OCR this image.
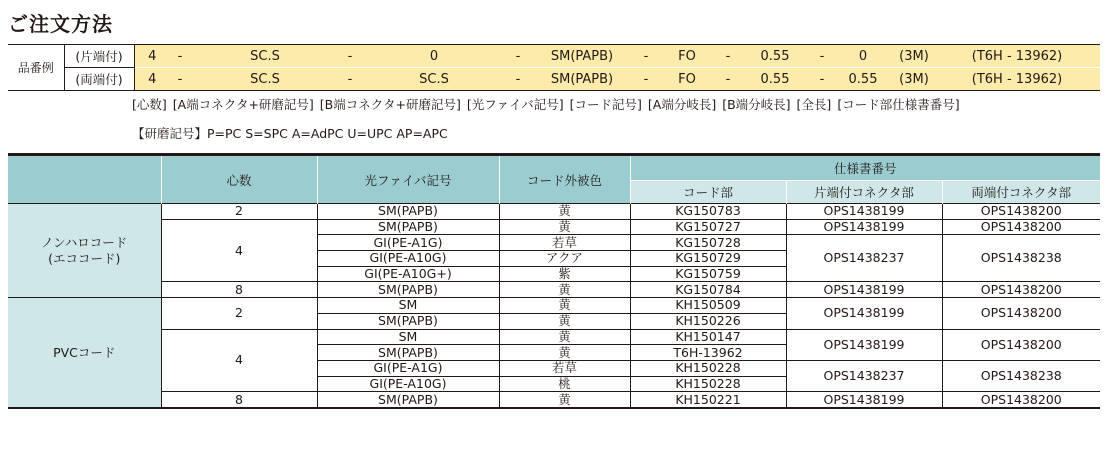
ご注文方法
品番例	(片端付)	4	-	SC.S	-	0	-	SM(PAPB)	-	FO	-	0.55	-	0	(3M)	(T6H - 13962)
	(両端付)	4	-	SC.S	-	SC.S	-	SM(PAPB)	-	FO	-	0.55	-	0.55	(3M)	(T6H - 13962)
[心数] [A端コネクタ+研磨記号] [B端コネクタ+研磨記号] [光ファイバ記号] [コード記号] [A端分岐長] [B端分岐長] [全長] [コード部仕様書番号]
【研磨記号】P=PC S=SPC A=AdPC U=UPC AP=APC
	心数	光ファイバ記号	コード外被色	仕様書番号		
				コード部	片端付コネクタ部	両端付コネクタ部
ノンハロコード
(エココード)	2	SM(PAPB)	黄	KG150783	OPS1438199	OPS1438200
	4	SM(PAPB)	黄	KG150727	OPS1438199	OPS1438200
		GI(PE-A1G)	若草	KG150728	OPS1438237	OPS1438238
		GI(PE-A10G)	アクア	KG150729		
		GI(PE-A10G+)	紫	KG150759		
	8	SM(PAPB)	黄	KG150784	OPS1438199	OPS1438200
PVCコード	2	SM	黄	KH150509	OPS1438199	OPS1438200
		SM(PAPB)	黄	KH150226		
	4	SM	黄	KH150147	OPS1438199	OPS1438200
		SM(PAPB)	黄	T6H-13962		
		GI(PE-A1G)	若草	KH150228	OPS1438237	OPS1438238
		GI(PE-A10G)	桃	KH150228		
	8	SM(PAPB)	黄	KH150221	OPS1438199	OPS1438200
